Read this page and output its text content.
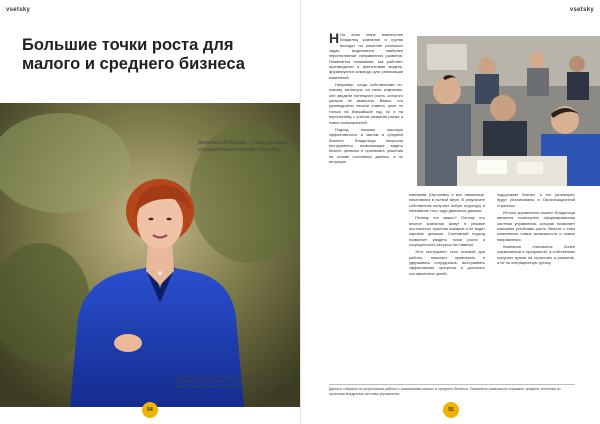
vsetsky
Большие точки роста для малого и среднего бизнеса
Ангелина Федорова — консультант сопровождения Vsetsky Consulting
Стационарные процессы регулярного управления бизнесом, которые определяют будущее компании. ¹ Проектная работа (проектирование) ведётся в рамках системной группы работы с изменениями.
54
vsetsky

Н На этом этапе вовлечение Владелец компании и группа выходят на решение реальных задач, выделяются наиболее перспективные направления развития. Появляется понимание, как работает производство и финансовая модель, формируются команды для реализации изменений.

Например, когда собственники по-новому взглянули на свою компанию, они увидели потенциал роста, которого раньше не замечали. Важно, что руководители начали ставить цели не только на ближайший год, но и на перспективу, с учётом развития рынка и новых возможностей.

Подход показал высокую эффективность в малом и среднем бизнесе. Владельцы получили инструменты, позволяющие видеть бизнес целиком и принимать решения на основе системных данных, а не интуиции.

компании (Оргсхема) и все связанные, начинаются в полной мере. В результате собственник получает ясную структуру и понимание того, куда двигаться дальше.

Почему это важно? Потому что многие компании живут в режиме постоянного тушения пожаров и не видят картины целиком. Системный подход позволяет увидеть точки роста и сосредоточить ресурсы на главном.

Этот инструмент стал основой для работы, помогает привлекать и удерживать сотрудников, выстраивать эффективные процессы и достигать поставленных целей.

подорожает бизнес, а это реализуют, будут реализованы в Организационной стратегии.

Итогом управления нашего Владельца является полноценно сформированная система управления, которая позволяет компании устойчиво расти. Вместе с этим появляются новые возможности и новые направления.

Компания становится более управляемой и прозрачной, а собственник получает время на стратегию и развитие, а не на операционную рутину.

Данные собраны по результатам работы с компаниями малого и среднего бизнеса. Указанные показатели отражают средние значения по проектам внедрения системы управления.
55
